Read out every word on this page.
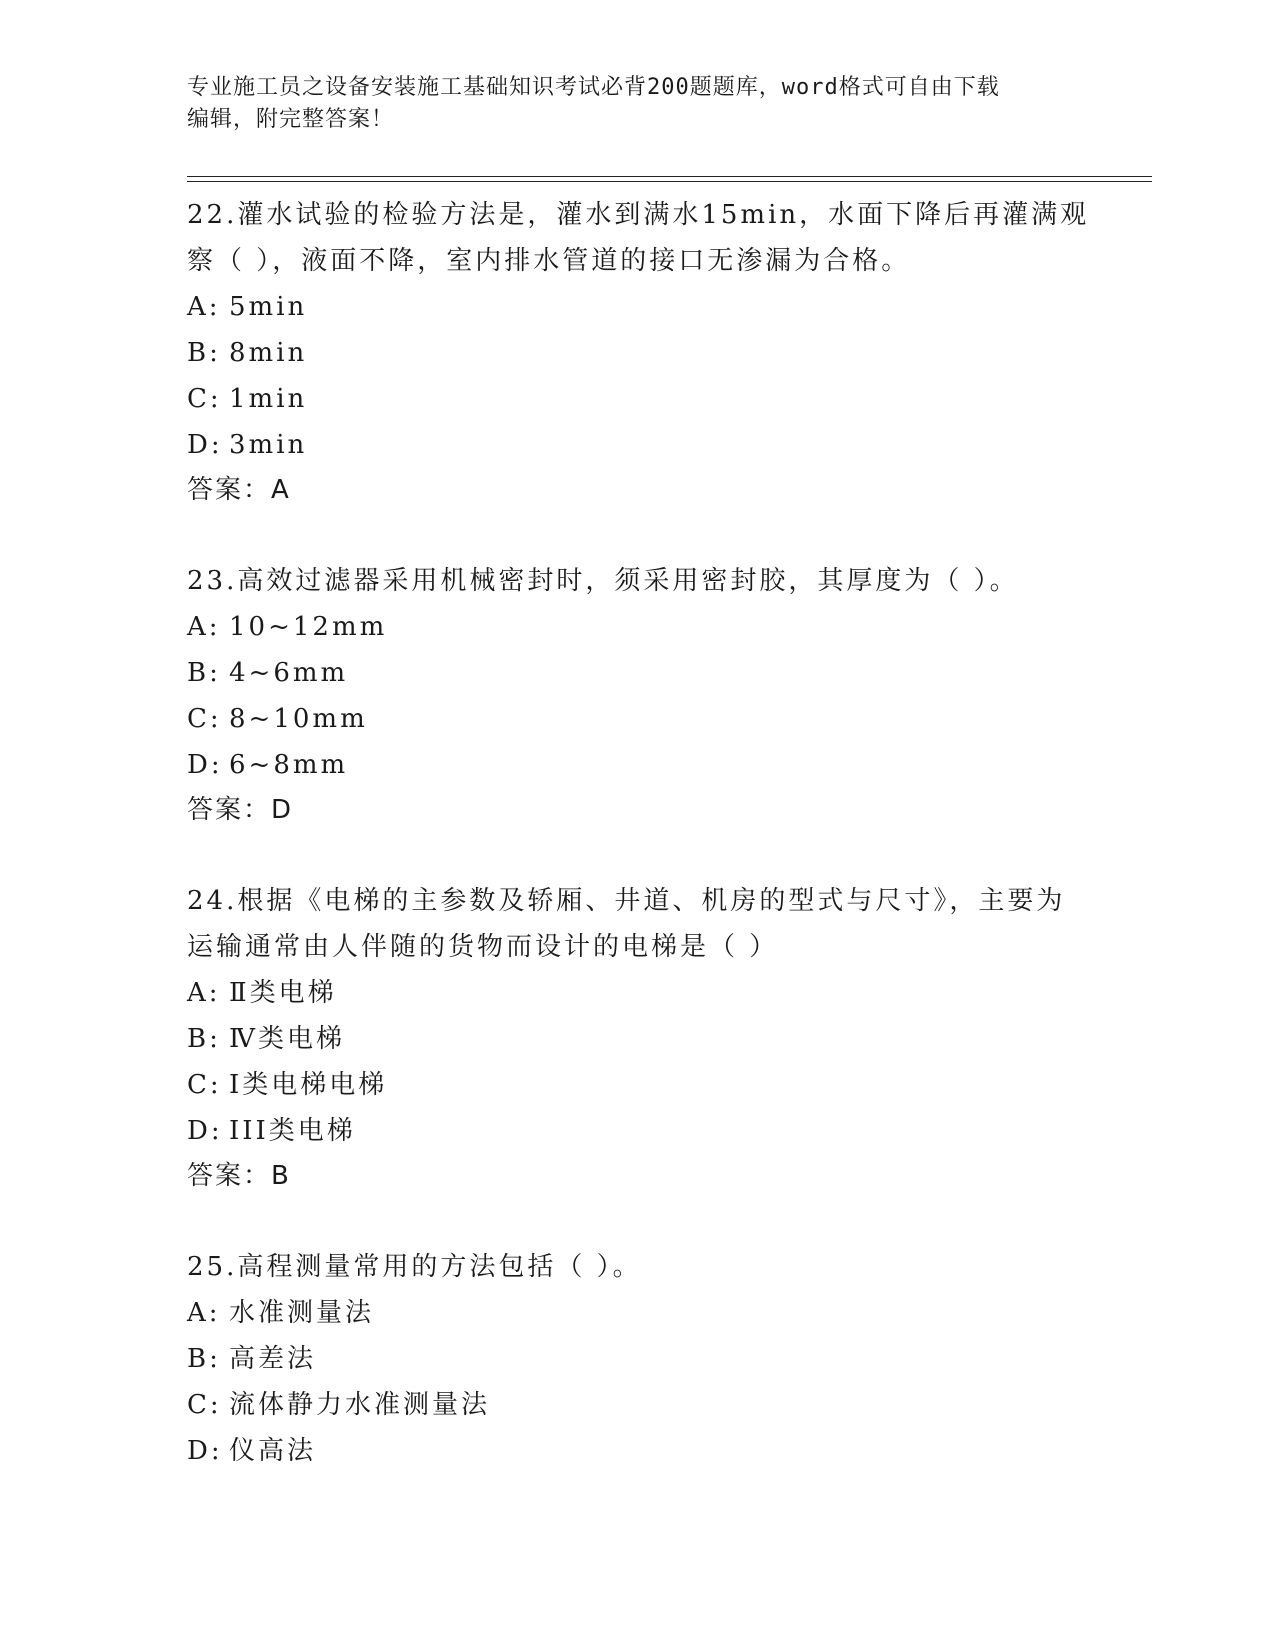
专业施工员之设备安装施工基础知识考试必背200题题库，word格式可自由下载
编辑，附完整答案！
22.灌水试验的检验方法是，灌水到满水15min，水面下降后再灌满观
察（ ），液面不降，室内排水管道的接口无渗漏为合格。
A: 5min
B: 8min
C: 1min
D: 3min
答案：A
23.高效过滤器采用机械密封时，须采用密封胶，其厚度为（ ）。
A: 10~12mm
B: 4~6mm
C: 8~10mm
D: 6~8mm
答案：D
24.根据《电梯的主参数及轿厢、井道、机房的型式与尺寸》，主要为
运输通常由人伴随的货物而设计的电梯是（ ）
A: Ⅱ类电梯
B: Ⅳ类电梯
C: Ⅰ类电梯电梯
D: III类电梯
答案：B
25.高程测量常用的方法包括（ ）。
A: 水准测量法
B: 高差法
C: 流体静力水准测量法
D: 仪高法
